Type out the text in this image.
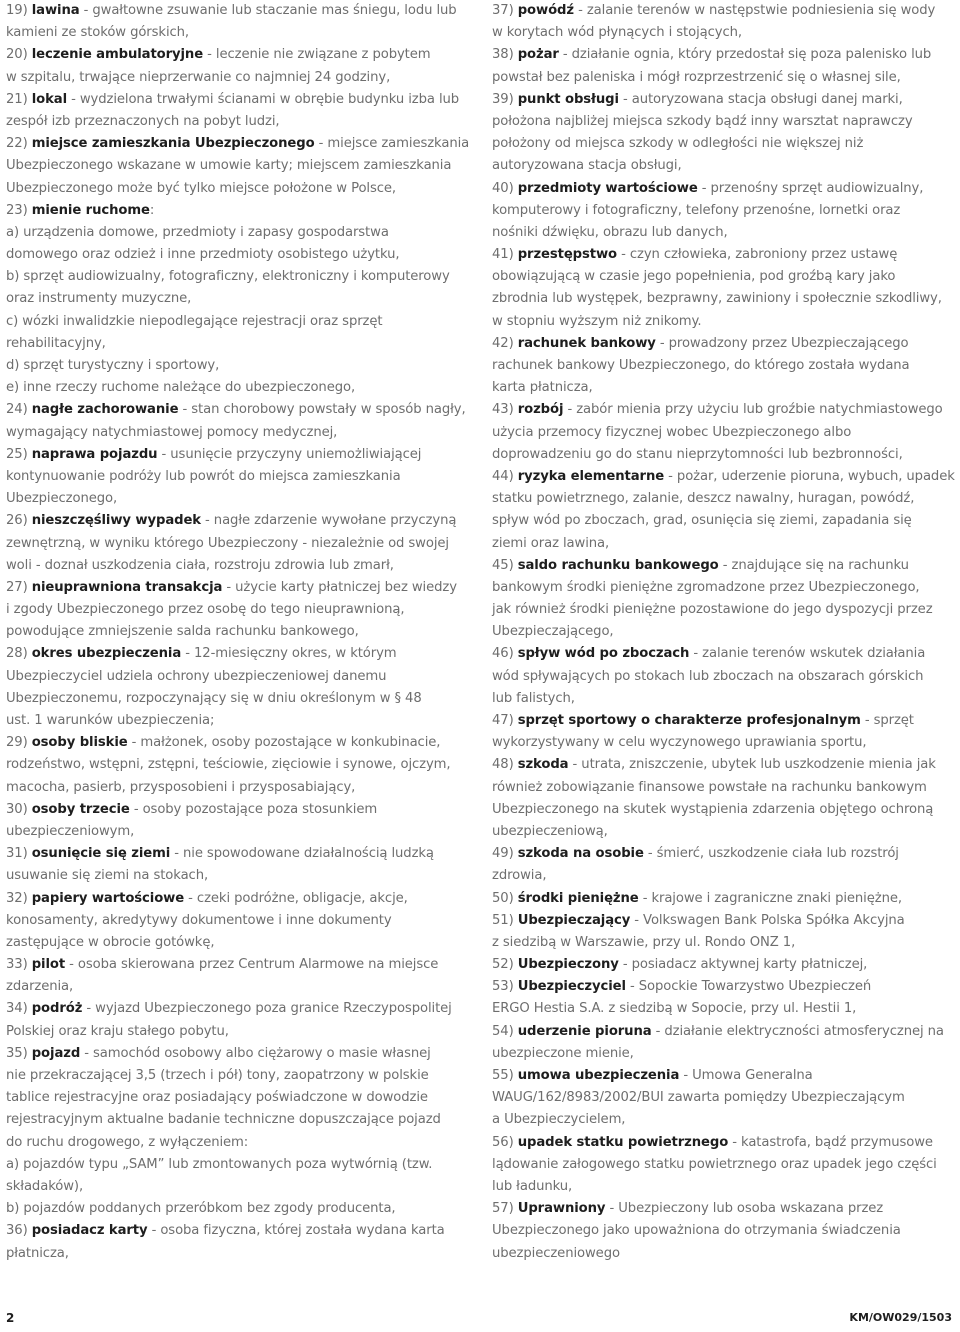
19) lawina - gwałtowne zsuwanie lub staczanie mas śniegu, lodu lub
kamieni ze stoków górskich,
20) leczenie ambulatoryjne - leczenie nie związane z pobytem
w szpitalu, trwające nieprzerwanie co najmniej 24 godziny,
21) lokal - wydzielona trwałymi ścianami w obrębie budynku izba lub
zespół izb przeznaczonych na pobyt ludzi,
22) miejsce zamieszkania Ubezpieczonego - miejsce zamieszkania
Ubezpieczonego wskazane w umowie karty; miejscem zamieszkania
Ubezpieczonego może być tylko miejsce położone w Polsce,
23) mienie ruchome:
a) urządzenia domowe, przedmioty i zapasy gospodarstwa
domowego oraz odzież i inne przedmioty osobistego użytku,
b) sprzęt audiowizualny, fotograficzny, elektroniczny i komputerowy
oraz instrumenty muzyczne,
c) wózki inwalidzkie niepodlegające rejestracji oraz sprzęt
rehabilitacyjny,
d) sprzęt turystyczny i sportowy,
e) inne rzeczy ruchome należące do ubezpieczonego,
24) nagłe zachorowanie - stan chorobowy powstały w sposób nagły,
wymagający natychmiastowej pomocy medycznej,
25) naprawa pojazdu - usunięcie przyczyny uniemożliwiającej
kontynuowanie podróży lub powrót do miejsca zamieszkania
Ubezpieczonego,
26) nieszczęśliwy wypadek - nagłe zdarzenie wywołane przyczyną
zewnętrzną, w wyniku którego Ubezpieczony - niezależnie od swojej
woli - doznał uszkodzenia ciała, rozstroju zdrowia lub zmarł,
27) nieuprawniona transakcja - użycie karty płatniczej bez wiedzy
i zgody Ubezpieczonego przez osobę do tego nieuprawnioną,
powodujące zmniejszenie salda rachunku bankowego,
28) okres ubezpieczenia - 12-miesięczny okres, w którym
Ubezpieczyciel udziela ochrony ubezpieczeniowej danemu
Ubezpieczonemu, rozpoczynający się w dniu określonym w § 48
ust. 1 warunków ubezpieczenia;
29) osoby bliskie - małżonek, osoby pozostające w konkubinacie,
rodzeństwo, wstępni, zstępni, teściowie, zięciowie i synowe, ojczym,
macocha, pasierb, przysposobieni i przysposabiający,
30) osoby trzecie - osoby pozostające poza stosunkiem
ubezpieczeniowym,
31) osunięcie się ziemi - nie spowodowane działalnością ludzką
usuwanie się ziemi na stokach,
32) papiery wartościowe - czeki podróżne, obligacje, akcje,
konosamenty, akredytywy dokumentowe i inne dokumenty
zastępujące w obrocie gotówkę,
33) pilot - osoba skierowana przez Centrum Alarmowe na miejsce
zdarzenia,
34) podróż - wyjazd Ubezpieczonego poza granice Rzeczypospolitej
Polskiej oraz kraju stałego pobytu,
35) pojazd - samochód osobowy albo ciężarowy o masie własnej
nie przekraczającej 3,5 (trzech i pół) tony, zaopatrzony w polskie
tablice rejestracyjne oraz posiadający poświadczone w dowodzie
rejestracyjnym aktualne badanie techniczne dopuszczające pojazd
do ruchu drogowego, z wyłączeniem:
a) pojazdów typu „SAM” lub zmontowanych poza wytwórnią (tzw.
składaków),
b) pojazdów poddanych przeróbkom bez zgody producenta,
36) posiadacz karty - osoba fizyczna, której została wydana karta
płatnicza,
37) powódź - zalanie terenów w następstwie podniesienia się wody
w korytach wód płynących i stojących,
38) pożar - działanie ognia, który przedostał się poza palenisko lub
powstał bez paleniska i mógł rozprzestrzenić się o własnej sile,
39) punkt obsługi - autoryzowana stacja obsługi danej marki,
położona najbliżej miejsca szkody bądź inny warsztat naprawczy
położony od miejsca szkody w odległości nie większej niż
autoryzowana stacja obsługi,
40) przedmioty wartościowe - przenośny sprzęt audiowizualny,
komputerowy i fotograficzny, telefony przenośne, lornetki oraz
nośniki dźwięku, obrazu lub danych,
41) przestępstwo - czyn człowieka, zabroniony przez ustawę
obowiązującą w czasie jego popełnienia, pod groźbą kary jako
zbrodnia lub występek, bezprawny, zawiniony i społecznie szkodliwy,
w stopniu wyższym niż znikomy.
42) rachunek bankowy - prowadzony przez Ubezpieczającego
rachunek bankowy Ubezpieczonego, do którego została wydana
karta płatnicza,
43) rozbój - zabór mienia przy użyciu lub groźbie natychmiastowego
użycia przemocy fizycznej wobec Ubezpieczonego albo
doprowadzeniu go do stanu nieprzytomności lub bezbronności,
44) ryzyka elementarne - pożar, uderzenie pioruna, wybuch, upadek
statku powietrznego, zalanie, deszcz nawalny, huragan, powódź,
spływ wód po zboczach, grad, osunięcia się ziemi, zapadania się
ziemi oraz lawina,
45) saldo rachunku bankowego - znajdujące się na rachunku
bankowym środki pieniężne zgromadzone przez Ubezpieczonego,
jak również środki pieniężne pozostawione do jego dyspozycji przez
Ubezpieczającego,
46) spływ wód po zboczach - zalanie terenów wskutek działania
wód spływających po stokach lub zboczach na obszarach górskich
lub falistych,
47) sprzęt sportowy o charakterze profesjonalnym - sprzęt
wykorzystywany w celu wyczynowego uprawiania sportu,
48) szkoda - utrata, zniszczenie, ubytek lub uszkodzenie mienia jak
również zobowiązanie finansowe powstałe na rachunku bankowym
Ubezpieczonego na skutek wystąpienia zdarzenia objętego ochroną
ubezpieczeniową,
49) szkoda na osobie - śmierć, uszkodzenie ciała lub rozstrój
zdrowia,
50) środki pieniężne - krajowe i zagraniczne znaki pieniężne,
51) Ubezpieczający - Volkswagen Bank Polska Spółka Akcyjna
z siedzibą w Warszawie, przy ul. Rondo ONZ 1,
52) Ubezpieczony - posiadacz aktywnej karty płatniczej,
53) Ubezpieczyciel - Sopockie Towarzystwo Ubezpieczeń
ERGO Hestia S.A. z siedzibą w Sopocie, przy ul. Hestii 1,
54) uderzenie pioruna - działanie elektryczności atmosferycznej na
ubezpieczone mienie,
55) umowa ubezpieczenia - Umowa Generalna
WAUG/162/8983/2002/BUI zawarta pomiędzy Ubezpieczającym
a Ubezpieczycielem,
56) upadek statku powietrznego - katastrofa, bądź przymusowe
lądowanie załogowego statku powietrznego oraz upadek jego części
lub ładunku,
57) Uprawniony - Ubezpieczony lub osoba wskazana przez
Ubezpieczonego jako upoważniona do otrzymania świadczenia
ubezpieczeniowego
2	KM/OW029/1503
